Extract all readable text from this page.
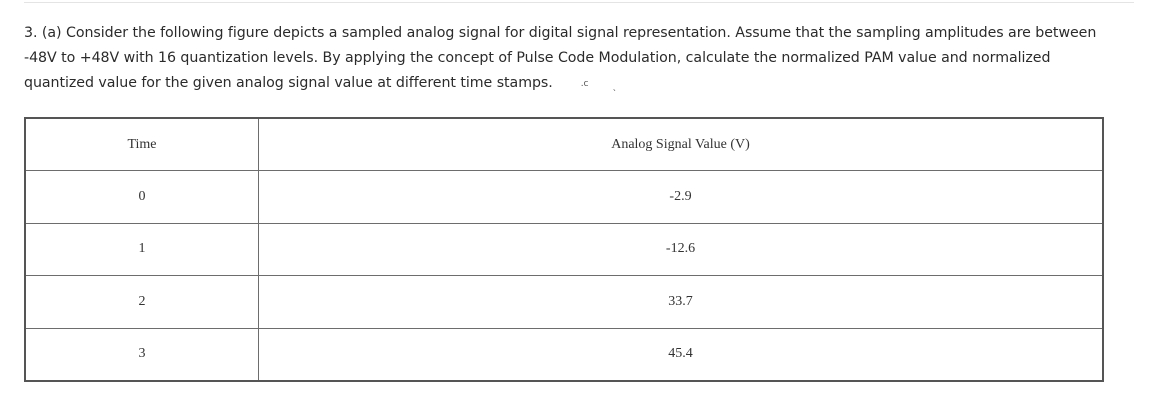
3. (a) Consider the following figure depicts a sampled analog signal for digital signal representation. Assume that the sampling amplitudes are between
-48V to +48V with 16 quantization levels. By applying the concept of Pulse Code Modulation, calculate the normalized PAM value and normalized
quantized value for the given analog signal value at different time stamps.	.c	ˎ
Time	Analog Signal Value (V)
0	-2.9
1	-12.6
2	33.7
3	45.4
